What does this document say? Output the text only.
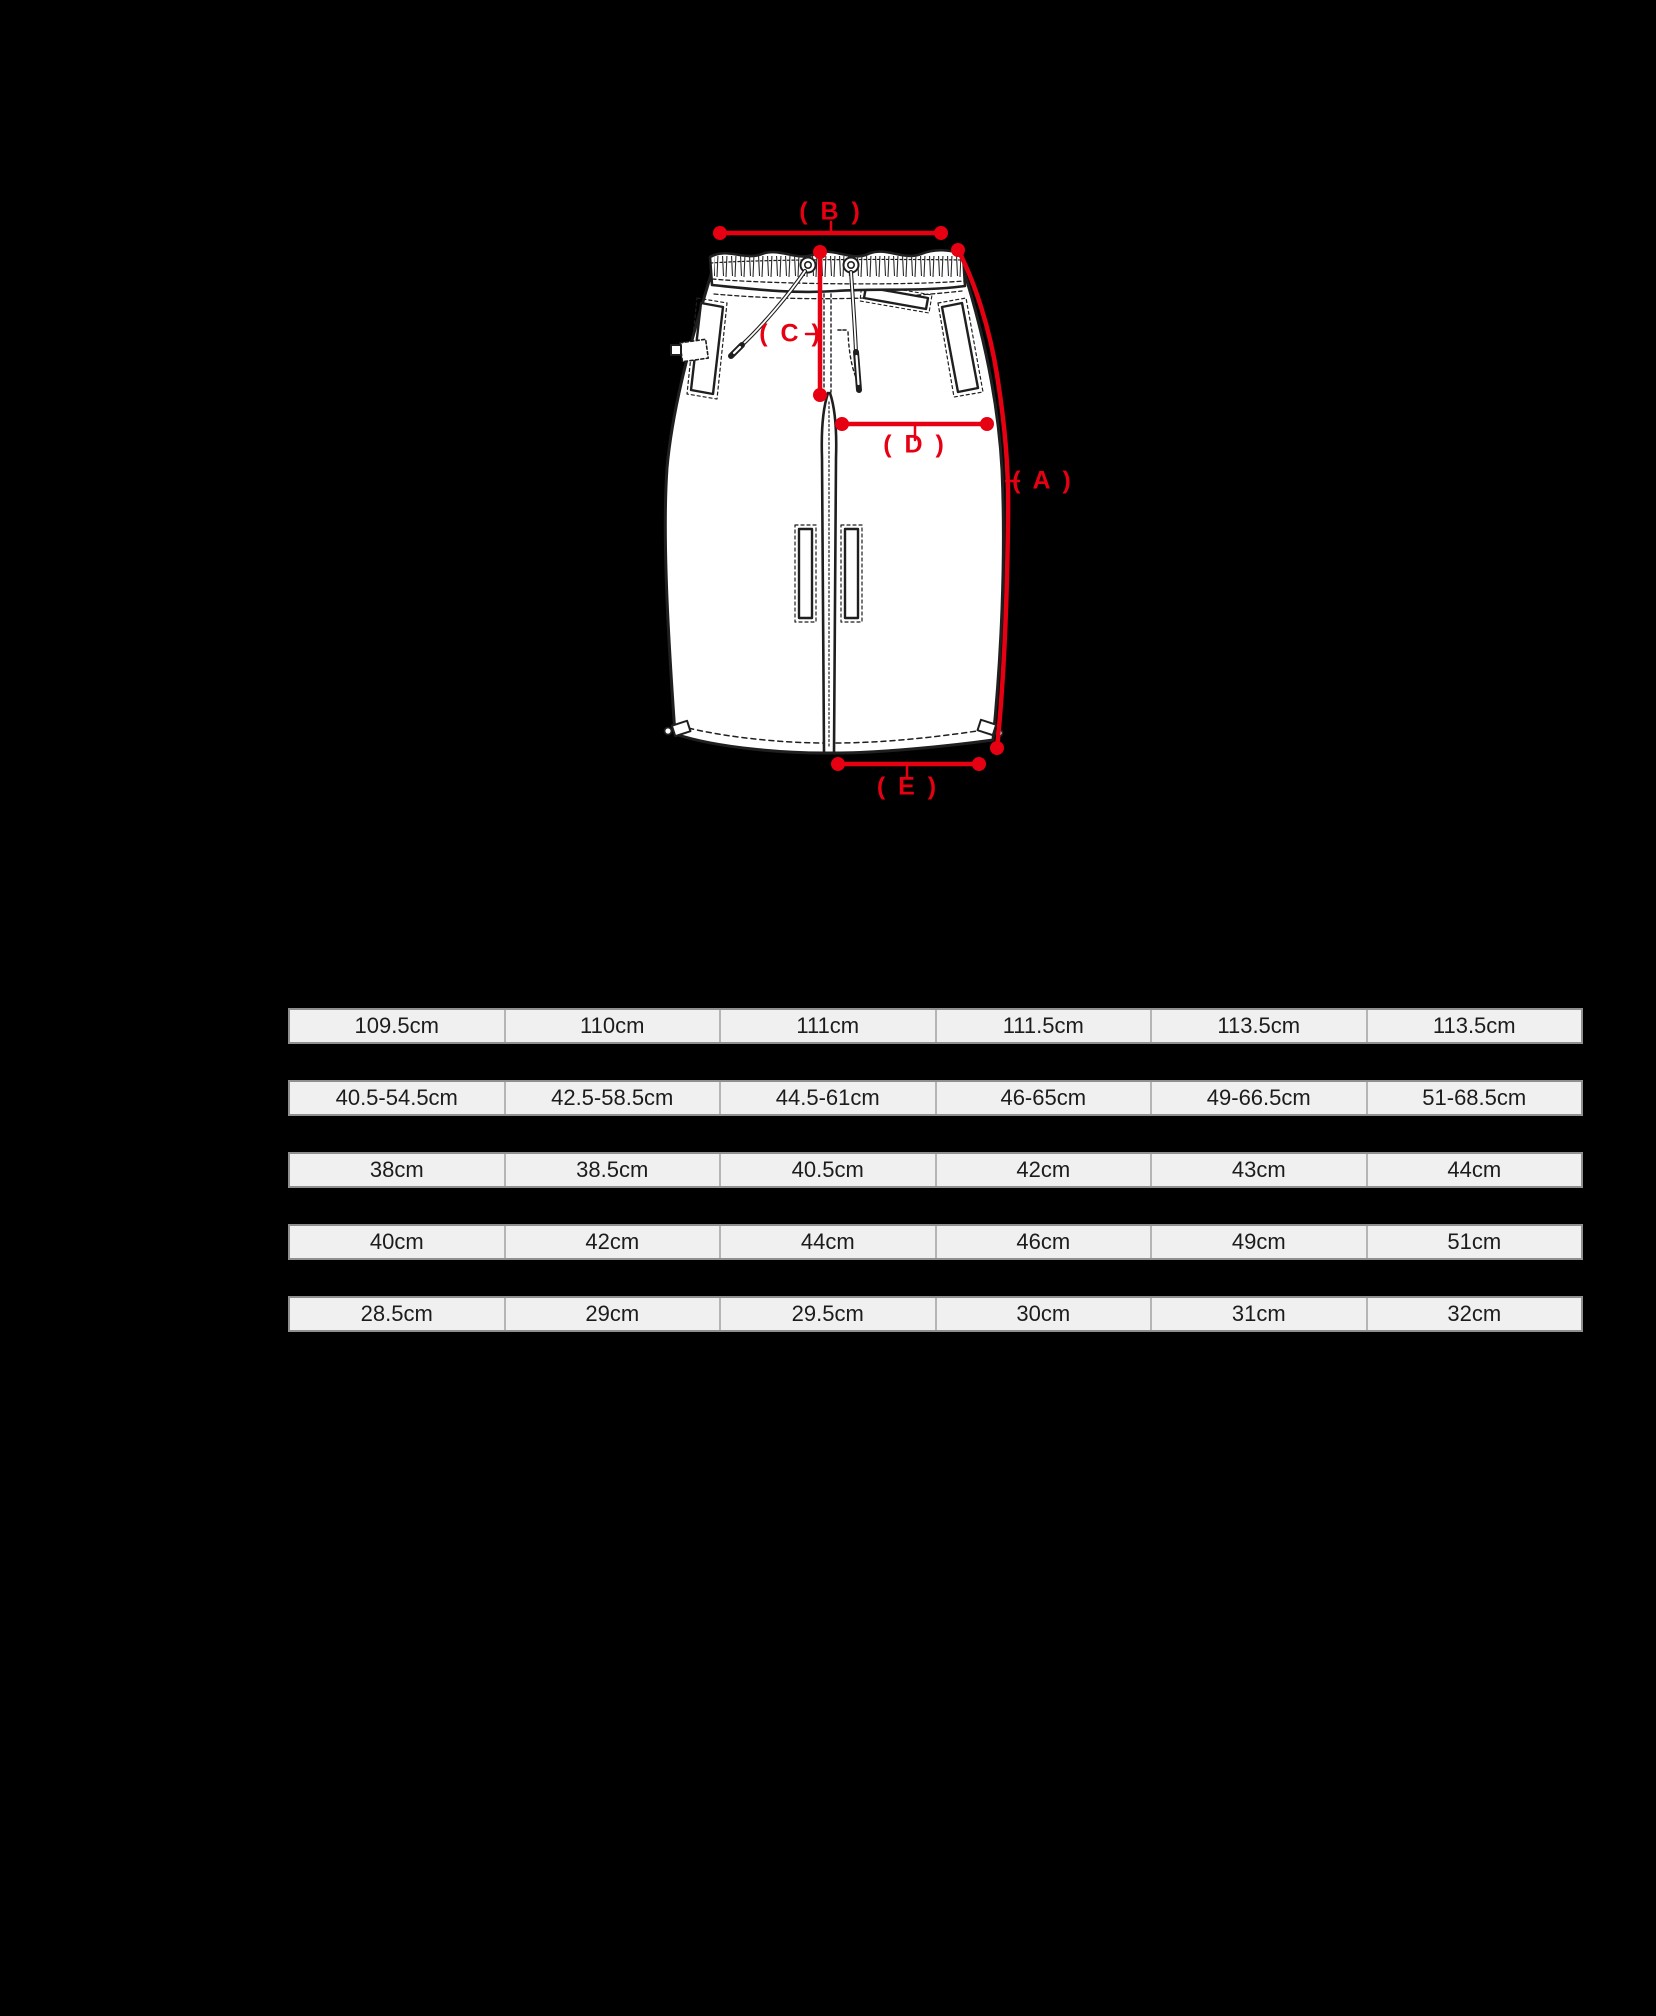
( B )
( C )
( D )
( A )
( E )
109.5cm	110cm	111cm	111.5cm	113.5cm	113.5cm
40.5-54.5cm	42.5-58.5cm	44.5-61cm	46-65cm	49-66.5cm	51-68.5cm
38cm	38.5cm	40.5cm	42cm	43cm	44cm
40cm	42cm	44cm	46cm	49cm	51cm
28.5cm	29cm	29.5cm	30cm	31cm	32cm
